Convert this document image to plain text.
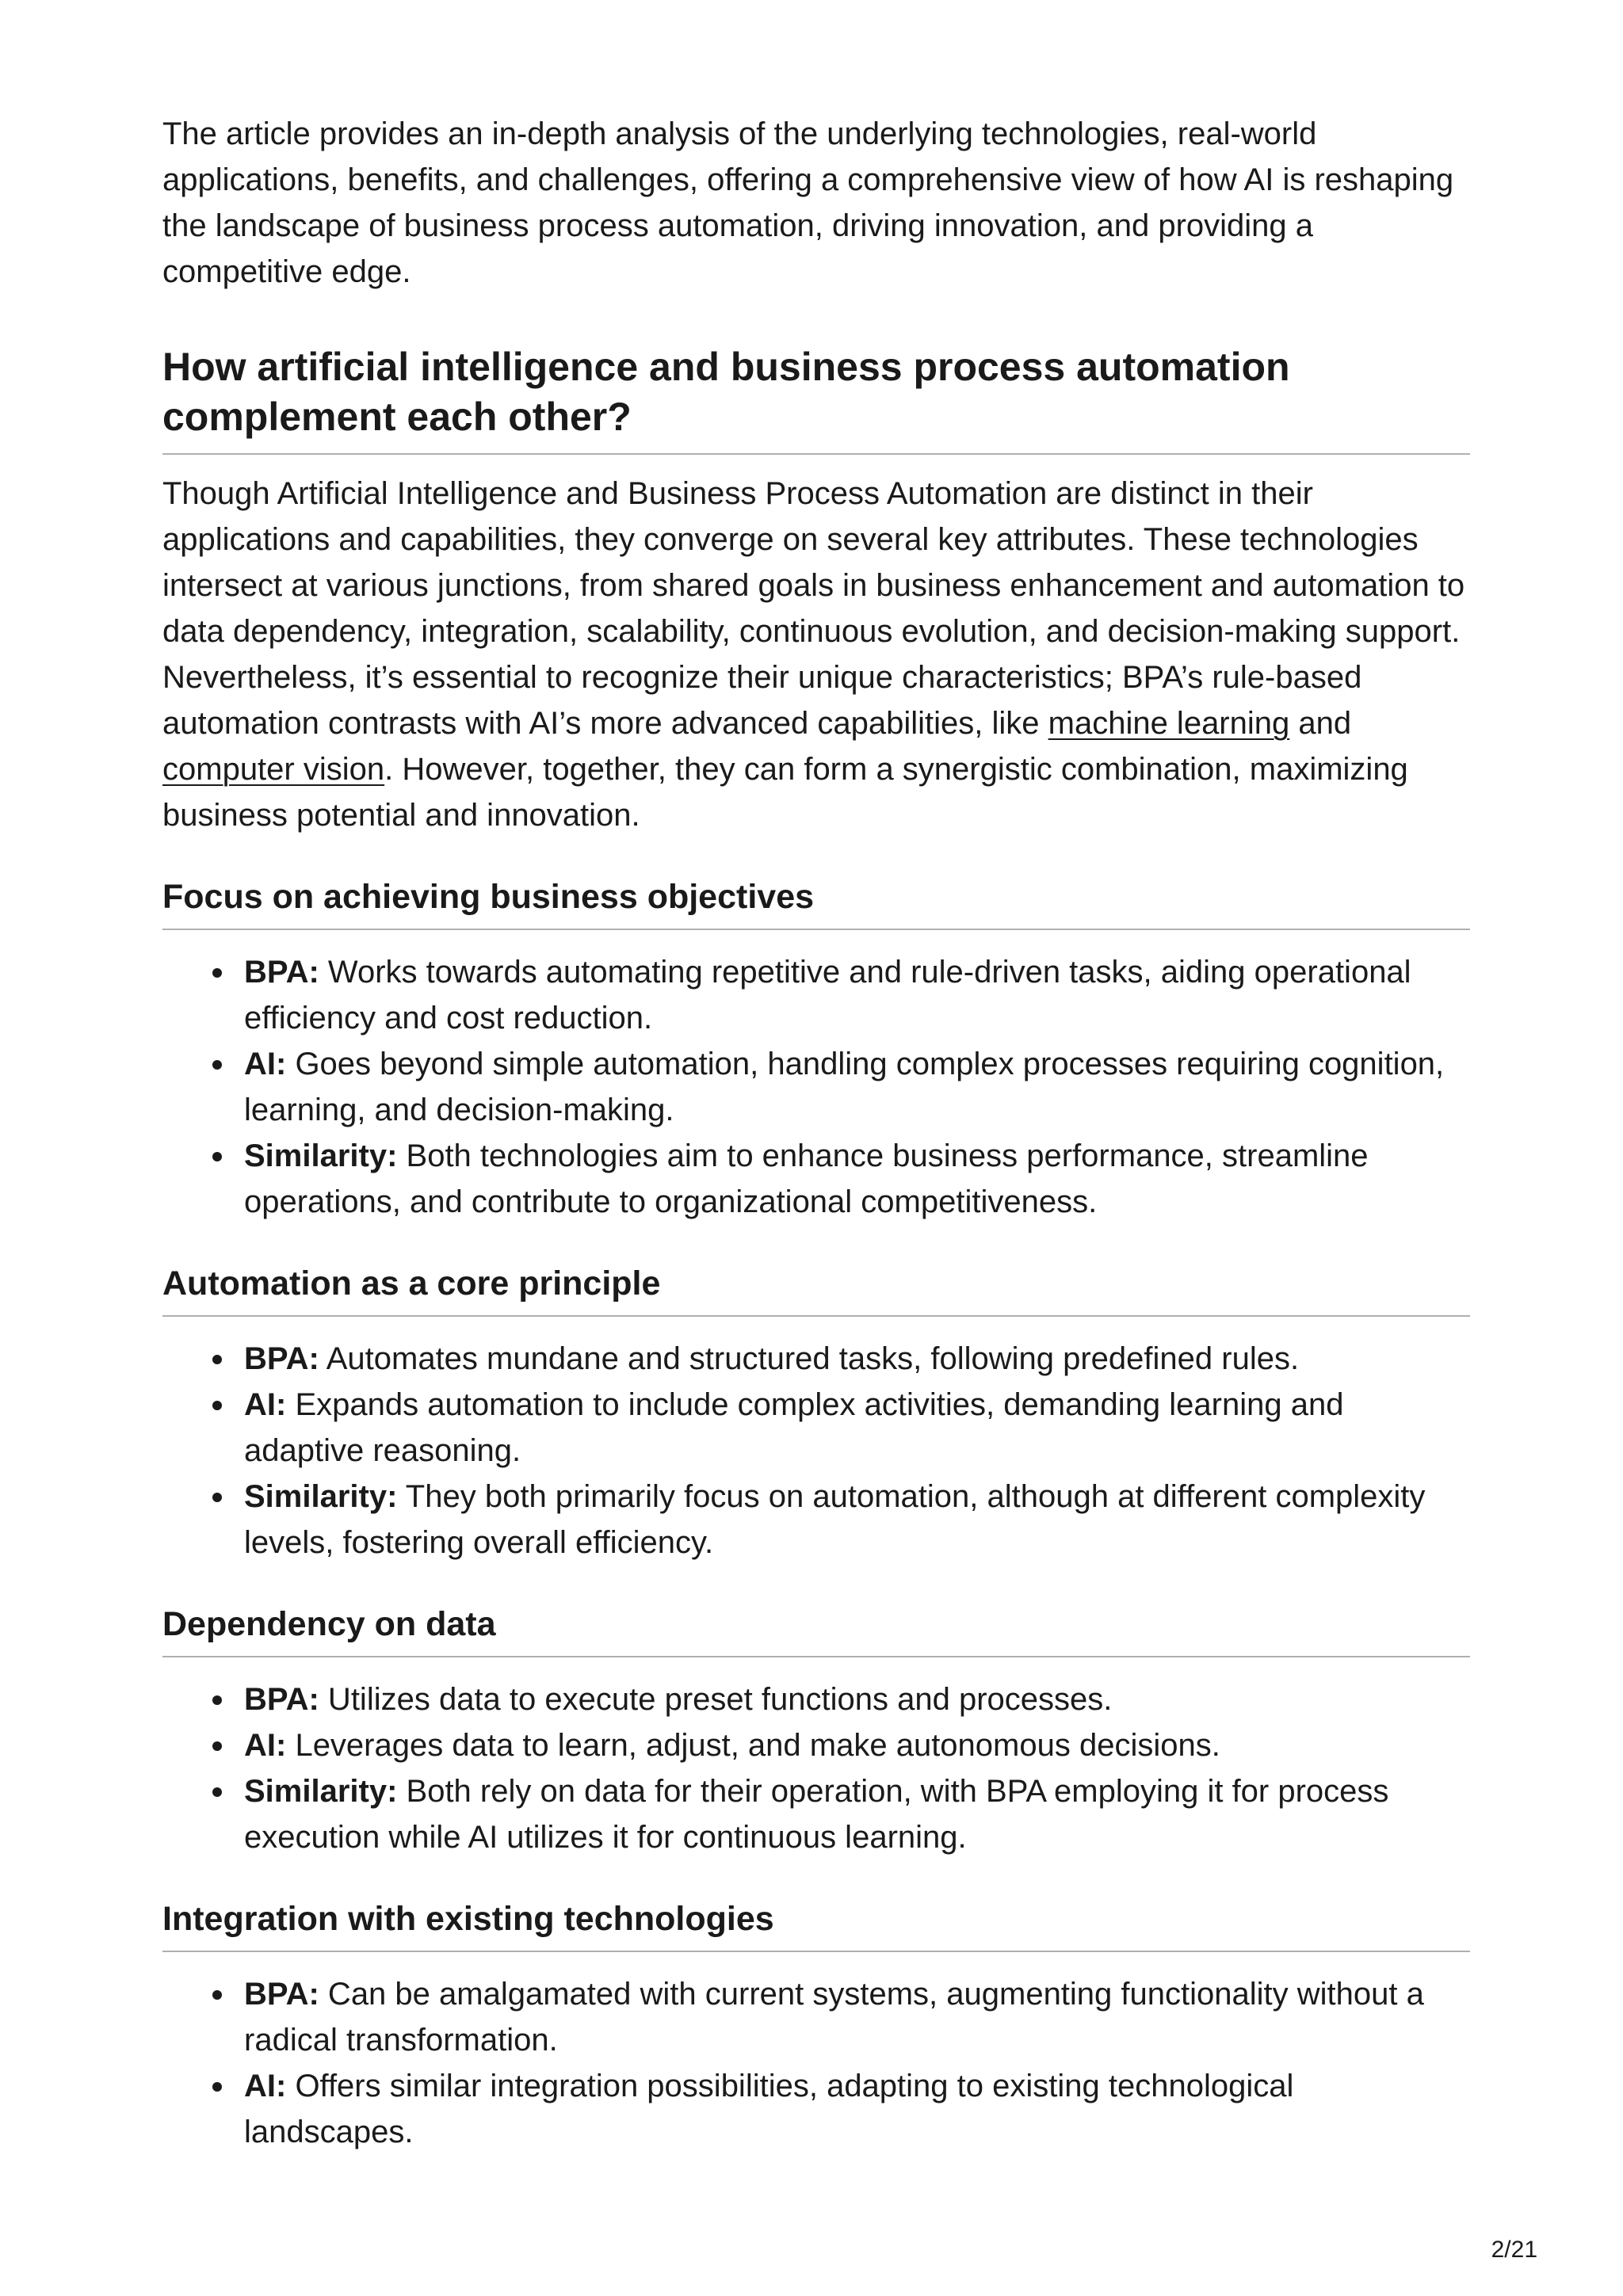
The article provides an in-depth analysis of the underlying technologies, real-world applications, benefits, and challenges, offering a comprehensive view of how AI is reshaping the landscape of business process automation, driving innovation, and providing a competitive edge.

How artificial intelligence and business process automation complement each other?

Though Artificial Intelligence and Business Process Automation are distinct in their applications and capabilities, they converge on several key attributes. These technologies intersect at various junctions, from shared goals in business enhancement and automation to data dependency, integration, scalability, continuous evolution, and decision-making support. Nevertheless, it’s essential to recognize their unique characteristics; BPA’s rule-based automation contrasts with AI’s more advanced capabilities, like machine learning and computer vision. However, together, they can form a synergistic combination, maximizing business potential and innovation.

Focus on achieving business objectives
BPA: Works towards automating repetitive and rule-driven tasks, aiding operational efficiency and cost reduction.
AI: Goes beyond simple automation, handling complex processes requiring cognition, learning, and decision-making.
Similarity: Both technologies aim to enhance business performance, streamline operations, and contribute to organizational competitiveness.
Automation as a core principle
BPA: Automates mundane and structured tasks, following predefined rules.
AI: Expands automation to include complex activities, demanding learning and adaptive reasoning.
Similarity: They both primarily focus on automation, although at different complexity levels, fostering overall efficiency.
Dependency on data
BPA: Utilizes data to execute preset functions and processes.
AI: Leverages data to learn, adjust, and make autonomous decisions.
Similarity: Both rely on data for their operation, with BPA employing it for process execution while AI utilizes it for continuous learning.
Integration with existing technologies
BPA: Can be amalgamated with current systems, augmenting functionality without a radical transformation.
AI: Offers similar integration possibilities, adapting to existing technological landscapes.
2/21
